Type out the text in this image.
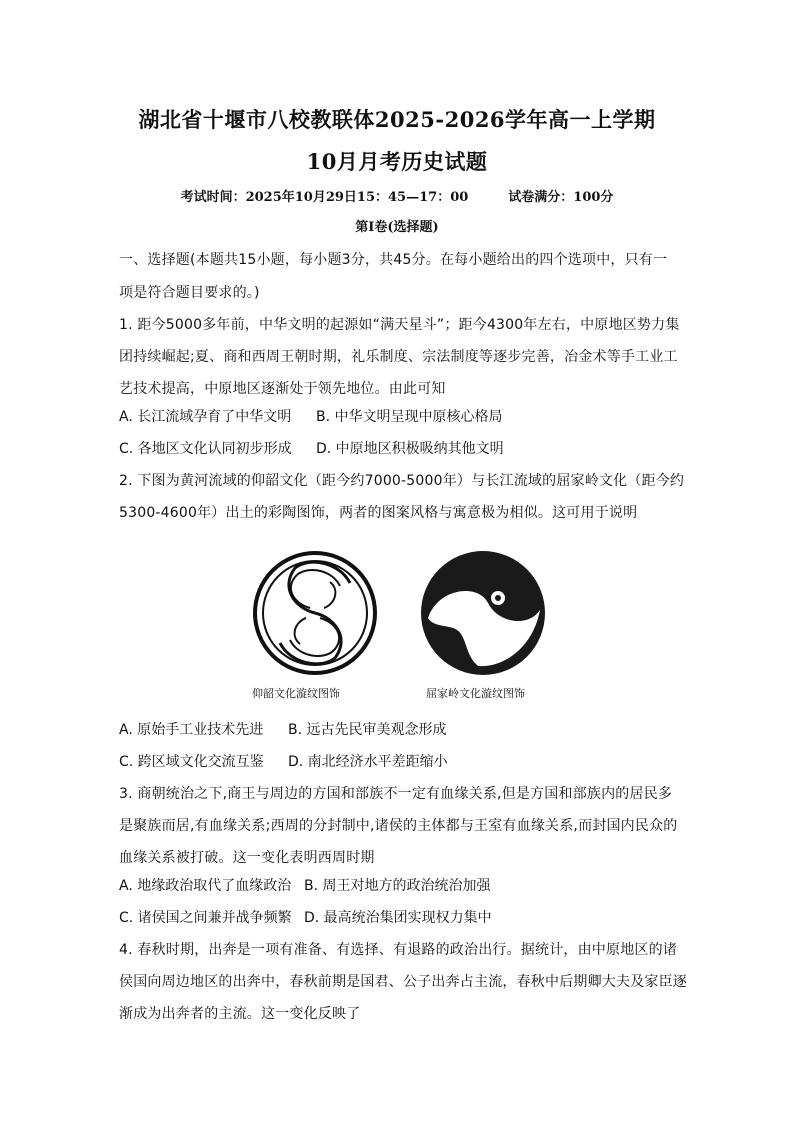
湖北省十堰市八校教联体2025-2026学年高一上学期
10月月考历史试题
考试时间：2025年10月29日15：45—17：00	试卷满分：100分
第Ⅰ卷(选择题)
一、选择题(本题共15小题，每小题3分，共45分。在每小题给出的四个选项中，只有一
项是符合题目要求的。)
1. 距今5000多年前，中华文明的起源如“满天星斗”；距今4300年左右，中原地区势力集
团持续崛起;夏、商和西周王朝时期，礼乐制度、宗法制度等逐步完善，冶金术等手工业工
艺技术提高，中原地区逐渐处于领先地位。由此可知
A. 长江流域孕育了中华文明 B. 中华文明呈现中原核心格局
C. 各地区文化认同初步形成 D. 中原地区积极吸纳其他文明
2. 下图为黄河流域的仰韶文化（距今约7000-5000年）与长江流域的屈家岭文化（距今约
5300-4600年）出土的彩陶图饰，两者的图案风格与寓意极为相似。这可用于说明
仰韶文化漩纹图饰	屈家岭文化漩纹图饰
A. 原始手工业技术先进 B. 远古先民审美观念形成
C. 跨区域文化交流互鉴 D. 南北经济水平差距缩小
3. 商朝统治之下,商王与周边的方国和部族不一定有血缘关系,但是方国和部族内的居民多
是聚族而居,有血缘关系;西周的分封制中,诸侯的主体都与王室有血缘关系,而封国内民众的
血缘关系被打破。这一变化表明西周时期
A. 地缘政治取代了血缘政治 B. 周王对地方的政治统治加强
C. 诸侯国之间兼并战争频繁 D. 最高统治集团实现权力集中
4. 春秋时期，出奔是一项有准备、有选择、有退路的政治出行。据统计，由中原地区的诸
侯国向周边地区的出奔中，春秋前期是国君、公子出奔占主流，春秋中后期卿大夫及家臣逐
渐成为出奔者的主流。这一变化反映了
